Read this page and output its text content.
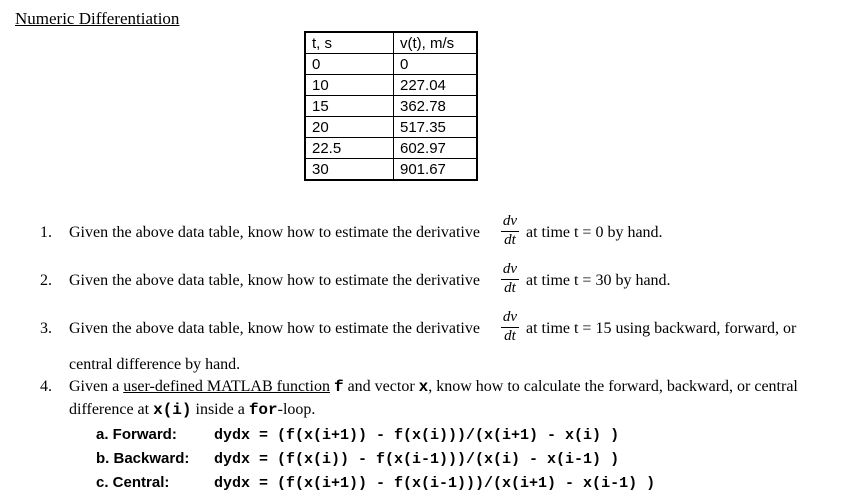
Numeric Differentiation
t, s	v(t), m/s
0	0
10	227.04
15	362.78
20	517.35
22.5	602.97
30	901.67
1. Given the above data table, know how to estimate the derivative
dv
dt at time t = 0 by hand.
2. Given the above data table, know how to estimate the derivative
dv
dt at time t = 30 by hand.
3. Given the above data table, know how to estimate the derivative
dv
dt at time t = 15 using backward, forward, or
central difference by hand.
4. Given a user-defined MATLAB function f and vector x, know how to calculate the forward, backward, or central
difference at x(i) inside a for-loop.
a. Forward: dydx = (f(x(i+1)) - f(x(i)))/(x(i+1) - x(i) )
b. Backward: dydx = (f(x(i)) - f(x(i-1)))/(x(i) - x(i-1) )
c. Central:	dydx = (f(x(i+1)) - f(x(i-1)))/(x(i+1) - x(i-1) )
